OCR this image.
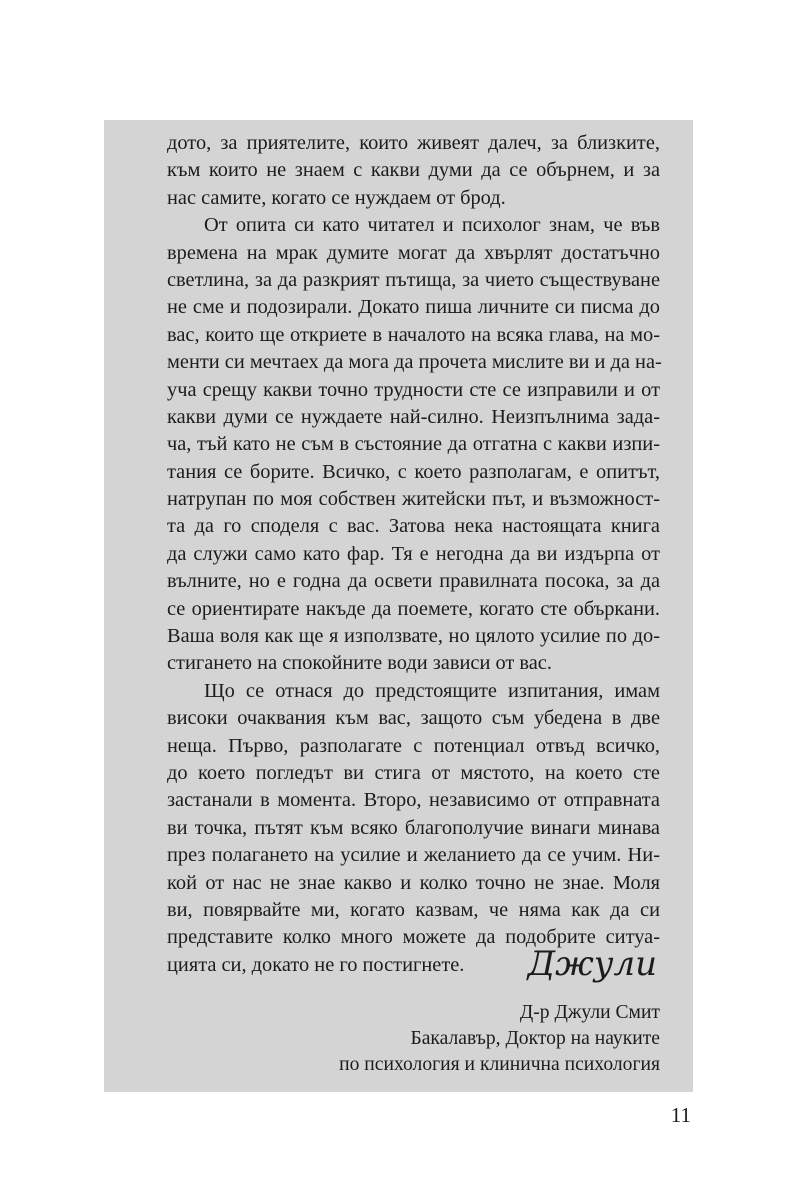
дото, за приятелите, които живеят далеч, за близките,
към които не знаем с какви думи да се обърнем, и за
нас самите, когато се нуждаем от брод.
От опита си като читател и психолог знам, че във
времена на мрак думите могат да хвърлят достатъчно
светлина, за да разкрият пътища, за чието съществуване
не сме и подозирали. Докато пиша личните си писма до
вас, които ще откриете в началото на всяка глава, на мо-
менти си мечтаех да мога да прочета мислите ви и да на-
уча срещу какви точно трудности сте се изправили и от
какви думи се нуждаете най-силно. Неизпълнима зада-
ча, тъй като не съм в състояние да отгатна с какви изпи-
тания се борите. Всичко, с което разполагам, е опитът,
натрупан по моя собствен житейски път, и възможност-
та да го споделя с вас. Затова нека настоящата книга
да служи само като фар. Тя е негодна да ви издърпа от
вълните, но е годна да освети правилната посока, за да
се ориентирате накъде да поемете, когато сте объркани.
Ваша воля как ще я използвате, но цялото усилие по до-
стигането на спокойните води зависи от вас.
Що се отнася до предстоящите изпитания, имам
високи очаквания към вас, защото съм убедена в две
неща. Първо, разполагате с потенциал отвъд всичко,
до което погледът ви стига от мястото, на което сте
застанали в момента. Второ, независимо от отправната
ви точка, пътят към всяко благополучие винаги минава
през полагането на усилие и желанието да се учим. Ни-
кой от нас не знае какво и колко точно не знае. Моля
ви, повярвайте ми, когато казвам, че няма как да си
представите колко много можете да подобрите ситуа-
цията си, докато не го постигнете.	Джули
Д-р Джули Смит
Бакалавър, Доктор на науките
по психология и клинична психология
11
